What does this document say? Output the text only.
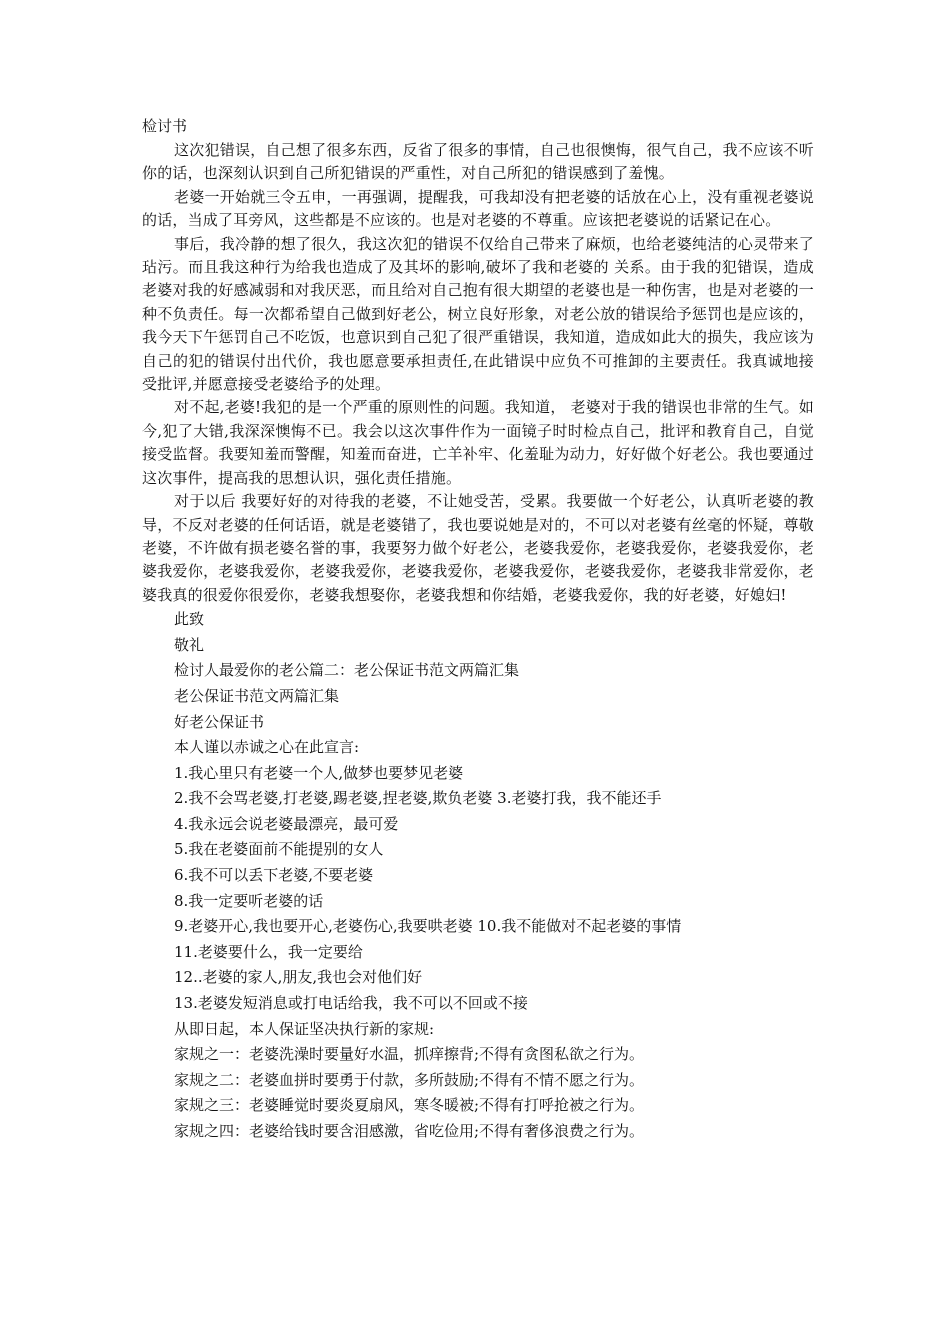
检讨书

这次犯错误，自己想了很多东西，反省了很多的事情，自己也很懊悔，很气自己，我不应该不听你的话，也深刻认识到自己所犯错误的严重性，对自己所犯的错误感到了羞愧。

老婆一开始就三令五申，一再强调，提醒我，可我却没有把老婆的话放在心上，没有重视老婆说的话，当成了耳旁风，这些都是不应该的。也是对老婆的不尊重。应该把老婆说的话紧记在心。

事后，我冷静的想了很久，我这次犯的错误不仅给自己带来了麻烦，也给老婆纯洁的心灵带来了玷污。而且我这种行为给我也造成了及其坏的影响,破坏了我和老婆的 关系。由于我的犯错误，造成老婆对我的好感减弱和对我厌恶，而且给对自己抱有很大期望的老婆也是一种伤害，也是对老婆的一种不负责任。每一次都希望自己做到好老公，树立良好形象，对老公放的错误给予惩罚也是应该的，我今天下午惩罚自己不吃饭，也意识到自己犯了很严重错误，我知道，造成如此大的损失，我应该为自己的犯的错误付出代价，我也愿意要承担责任,在此错误中应负不可推卸的主要责任。我真诚地接受批评,并愿意接受老婆给予的处理。

对不起,老婆!我犯的是一个严重的原则性的问题。我知道， 老婆对于我的错误也非常的生气。如今,犯了大错,我深深懊悔不已。我会以这次事件作为一面镜子时时检点自己，批评和教育自己，自觉接受监督。我要知羞而警醒，知羞而奋进，亡羊补牢、化羞耻为动力，好好做个好老公。我也要通过这次事件，提高我的思想认识，强化责任措施。

对于以后 我要好好的对待我的老婆，不让她受苦，受累。我要做一个好老公，认真听老婆的教导，不反对老婆的任何话语，就是老婆错了，我也要说她是对的，不可以对老婆有丝毫的怀疑，尊敬老婆，不许做有损老婆名誉的事，我要努力做个好老公，老婆我爱你，老婆我爱你，老婆我爱你，老婆我爱你，老婆我爱你，老婆我爱你，老婆我爱你，老婆我爱你，老婆我爱你，老婆我非常爱你，老婆我真的很爱你很爱你，老婆我想娶你，老婆我想和你结婚，老婆我爱你，我的好老婆，好媳妇!

此致
敬礼
检讨人最爱你的老公篇二：老公保证书范文两篇汇集
老公保证书范文两篇汇集
好老公保证书
本人谨以赤诚之心在此宣言:
1.我心里只有老婆一个人,做梦也要梦见老婆
2.我不会骂老婆,打老婆,踢老婆,捏老婆,欺负老婆 3.老婆打我，我不能还手
4.我永远会说老婆最漂亮，最可爱
5.我在老婆面前不能提别的女人
6.我不可以丢下老婆,不要老婆
8.我一定要听老婆的话
9.老婆开心,我也要开心,老婆伤心,我要哄老婆 10.我不能做对不起老婆的事情
11.老婆要什么，我一定要给
12..老婆的家人,朋友,我也会对他们好
13.老婆发短消息或打电话给我，我不可以不回或不接
从即日起，本人保证坚决执行新的家规:
家规之一：老婆洗澡时要量好水温，抓痒擦背;不得有贪图私欲之行为。
家规之二：老婆血拼时要勇于付款，多所鼓励;不得有不情不愿之行为。
家规之三：老婆睡觉时要炎夏扇风，寒冬暖被;不得有打呼抢被之行为。
家规之四：老婆给钱时要含泪感激，省吃俭用;不得有奢侈浪费之行为。
